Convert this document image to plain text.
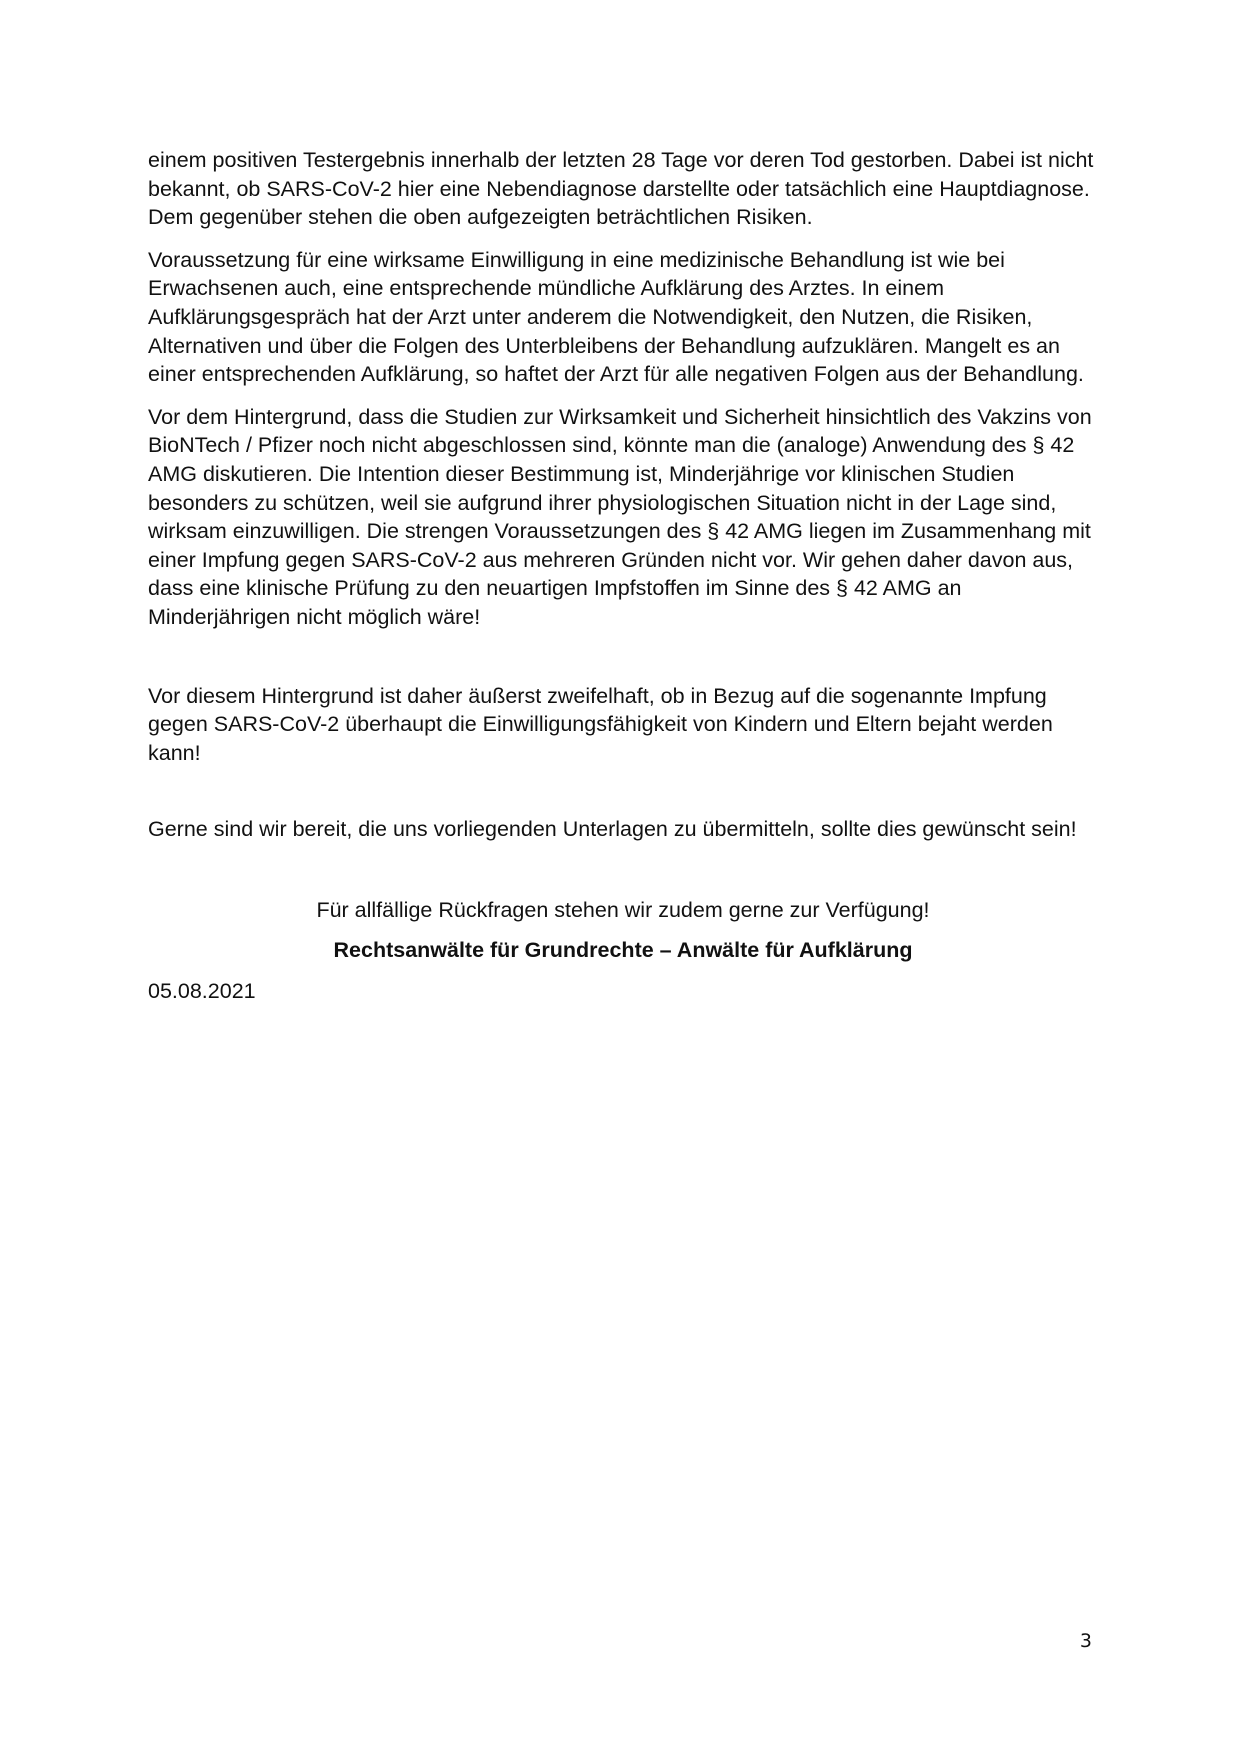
einem positiven Testergebnis innerhalb der letzten 28 Tage vor deren Tod gestorben. Dabei ist nicht bekannt, ob SARS-CoV-2 hier eine Nebendiagnose darstellte oder tatsächlich eine Hauptdiagnose. Dem gegenüber stehen die oben aufgezeigten beträchtlichen Risiken.

Voraussetzung für eine wirksame Einwilligung in eine medizinische Behandlung ist wie bei Erwachsenen auch, eine entsprechende mündliche Aufklärung des Arztes. In einem Aufklärungsgespräch hat der Arzt unter anderem die Notwendigkeit, den Nutzen, die Risiken, Alternativen und über die Folgen des Unterbleibens der Behandlung aufzuklären. Mangelt es an einer entsprechenden Aufklärung, so haftet der Arzt für alle negativen Folgen aus der Behandlung.

Vor dem Hintergrund, dass die Studien zur Wirksamkeit und Sicherheit hinsichtlich des Vakzins von BioNTech / Pfizer noch nicht abgeschlossen sind, könnte man die (analoge) Anwendung des § 42 AMG diskutieren. Die Intention dieser Bestimmung ist, Minderjährige vor klinischen Studien besonders zu schützen, weil sie aufgrund ihrer physiologischen Situation nicht in der Lage sind, wirksam einzuwilligen. Die strengen Voraussetzungen des § 42 AMG liegen im Zusammenhang mit einer Impfung gegen SARS-CoV-2 aus mehreren Gründen nicht vor. Wir gehen daher davon aus, dass eine klinische Prüfung zu den neuartigen Impfstoffen im Sinne des § 42 AMG an Minderjährigen nicht möglich wäre!

Vor diesem Hintergrund ist daher äußerst zweifelhaft, ob in Bezug auf die sogenannte Impfung gegen SARS-CoV-2 überhaupt die Einwilligungsfähigkeit von Kindern und Eltern bejaht werden kann!

Gerne sind wir bereit, die uns vorliegenden Unterlagen zu übermitteln, sollte dies gewünscht sein!

Für allfällige Rückfragen stehen wir zudem gerne zur Verfügung!

Rechtsanwälte für Grundrechte – Anwälte für Aufklärung

05.08.2021

3
